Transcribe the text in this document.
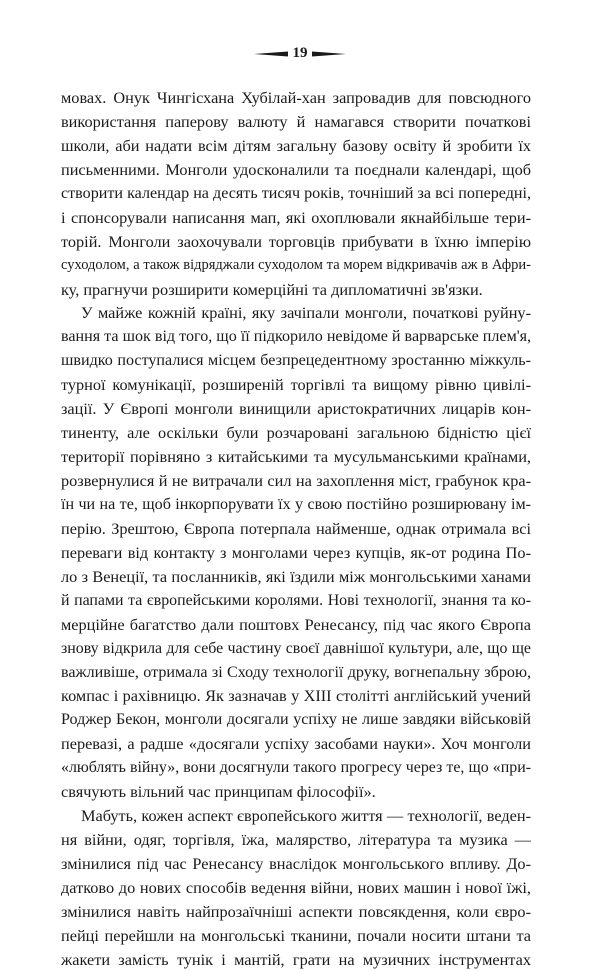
19
мовах. Онук Чингісхана Хубілай-хан запровадив для повсюдного
використання паперову валюту й намагався створити початкові
школи, аби надати всім дітям загальну базову освіту й зробити їх
письменними. Монголи удосконалили та поєднали календарі, щоб
створити календар на десять тисяч років, точніший за всі попередні,
і спонсорували написання мап, які охоплювали якнайбільше тери-
торій. Монголи заохочували торговців прибувати в їхню імперію
суходолом, а також відряджали суходолом та морем відкривачів аж в Афри-
ку, прагнучи розширити комерційні та дипломатичні зв'язки.
У майже кожній країні, яку зачіпали монголи, початкові руйну-
вання та шок від того, що її підкорило невідоме й варварське плем'я,
швидко поступалися місцем безпрецедентному зростанню міжкуль-
турної комунікації, розширеній торгівлі та вищому рівню цивілі-
зації. У Європі монголи винищили аристократичних лицарів кон-
тиненту, але оскільки були розчаровані загальною бідністю цієї
території порівняно з китайськими та мусульманськими країнами,
розвернулися й не витрачали сил на захоплення міст, грабунок кра-
їн чи на те, щоб інкорпорувати їх у свою постійно розширювану ім-
перію. Зрештою, Європа потерпала найменше, однак отримала всі
переваги від контакту з монголами через купців, як-от родина По-
ло з Венеції, та посланників, які їздили між монгольськими ханами
й папами та європейськими королями. Нові технології, знання та ко-
мерційне багатство дали поштовх Ренесансу, під час якого Європа
знову відкрила для себе частину своєї давнішої культури, але, що ще
важливіше, отримала зі Сходу технології друку, вогнепальну зброю,
компас і рахівницю. Як зазначав у XIII столітті англійський учений
Роджер Бекон, монголи досягали успіху не лише завдяки військовій
перевазі, а радше «досягали успіху засобами науки». Хоч монголи
«люблять війну», вони досягнули такого прогресу через те, що «при-
свячують вільний час принципам філософії».
Мабуть, кожен аспект європейського життя — технології, веден-
ня війни, одяг, торгівля, їжа, малярство, література та музика —
змінилися під час Ренесансу внаслідок монгольського впливу. До-
датково до нових способів ведення війни, нових машин і нової їжі,
змінилися навіть найпрозаїчніші аспекти повсякдення, коли євро-
пейці перейшли на монгольські тканини, почали носити штани та
жакети замість тунік і мантій, грати на музичних інструментах
